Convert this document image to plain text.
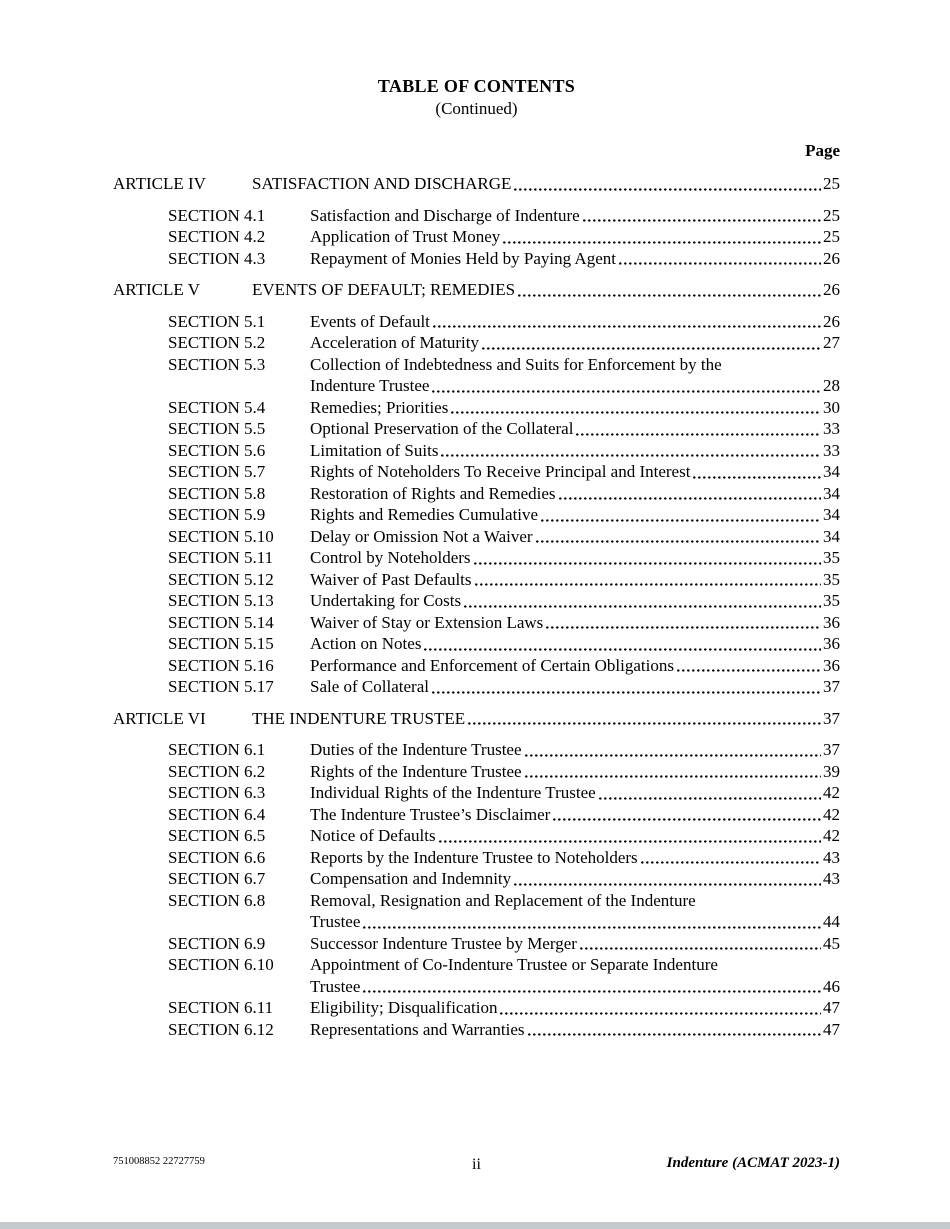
TABLE OF CONTENTS
(Continued)
Page
ARTICLE IV	SATISFACTION AND DISCHARGE	25
SECTION 4.1	Satisfaction and Discharge of Indenture	25
SECTION 4.2	Application of Trust Money	25
SECTION 4.3	Repayment of Monies Held by Paying Agent	26
ARTICLE V	EVENTS OF DEFAULT; REMEDIES	26
SECTION 5.1	Events of Default	26
SECTION 5.2	Acceleration of Maturity	27
SECTION 5.3	Collection of Indebtedness and Suits for Enforcement by the
Indenture Trustee	28
SECTION 5.4	Remedies; Priorities	30
SECTION 5.5	Optional Preservation of the Collateral	33
SECTION 5.6	Limitation of Suits	33
SECTION 5.7	Rights of Noteholders To Receive Principal and Interest	34
SECTION 5.8	Restoration of Rights and Remedies	34
SECTION 5.9	Rights and Remedies Cumulative	34
SECTION 5.10	Delay or Omission Not a Waiver	34
SECTION 5.11	Control by Noteholders	35
SECTION 5.12	Waiver of Past Defaults	35
SECTION 5.13	Undertaking for Costs	35
SECTION 5.14	Waiver of Stay or Extension Laws	36
SECTION 5.15	Action on Notes	36
SECTION 5.16	Performance and Enforcement of Certain Obligations	36
SECTION 5.17	Sale of Collateral	37
ARTICLE VI	THE INDENTURE TRUSTEE	37
SECTION 6.1	Duties of the Indenture Trustee	37
SECTION 6.2	Rights of the Indenture Trustee	39
SECTION 6.3	Individual Rights of the Indenture Trustee	42
SECTION 6.4	The Indenture Trustee’s Disclaimer	42
SECTION 6.5	Notice of Defaults	42
SECTION 6.6	Reports by the Indenture Trustee to Noteholders	43
SECTION 6.7	Compensation and Indemnity	43
SECTION 6.8	Removal, Resignation and Replacement of the Indenture
Trustee	44
SECTION 6.9	Successor Indenture Trustee by Merger	45
SECTION 6.10	Appointment of Co-Indenture Trustee or Separate Indenture
Trustee	46
SECTION 6.11	Eligibility; Disqualification	47
SECTION 6.12	Representations and Warranties	47
751008852 22727759	ii	Indenture (ACMAT 2023-1)
